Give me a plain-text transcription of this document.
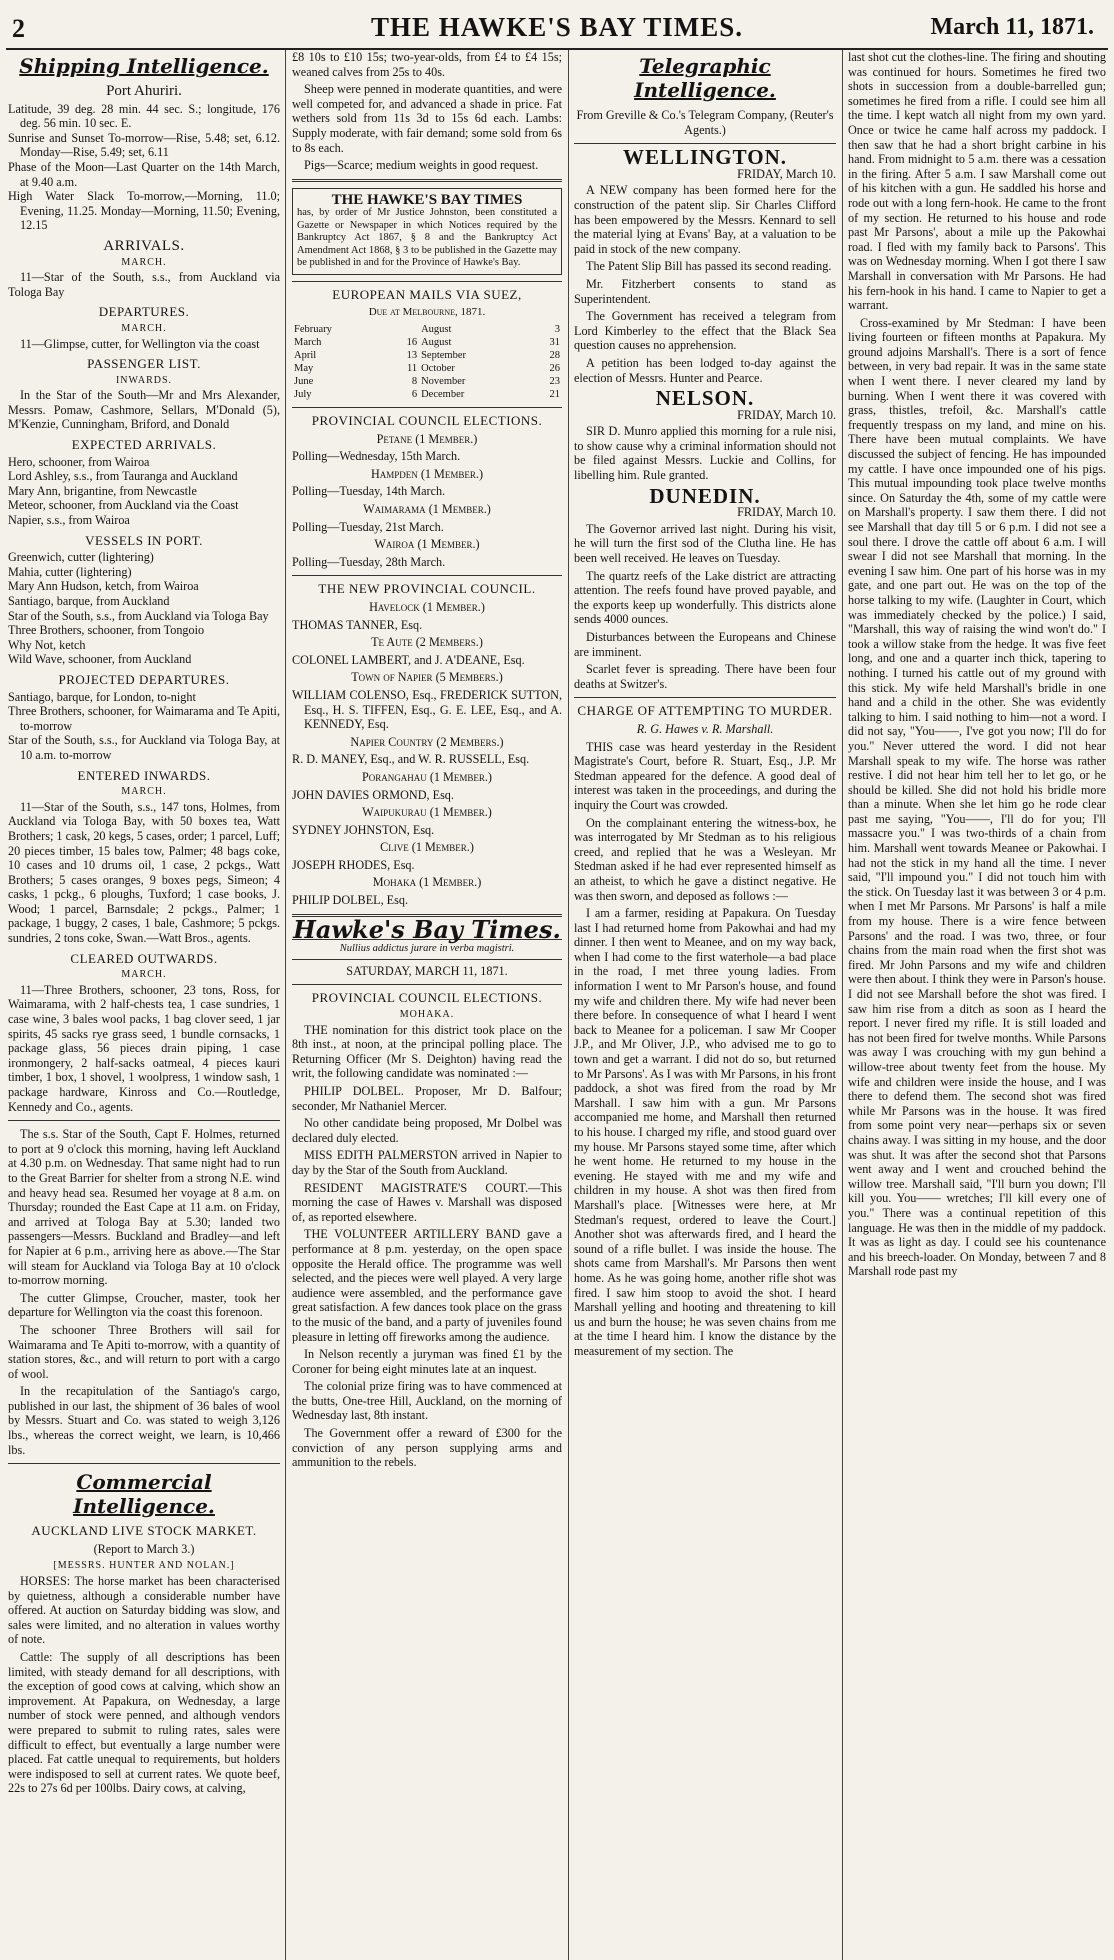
2	THE HAWKE'S BAY TIMES.	March 11, 1871.
Shipping Intelligence.
Port Ahuriri.

Latitude, 39 deg. 28 min. 44 sec. S.; longitude, 176 deg. 56 min. 10 sec. E.

Sunrise and Sunset To-morrow—Rise, 5.48; set, 6.12. Monday—Rise, 5.49; set, 6.11

Phase of the Moon—Last Quarter on the 14th March, at 9.40 a.m.

High Water Slack To-morrow,—Morning, 11.0; Evening, 11.25. Monday—Morning, 11.50; Evening, 12.15

ARRIVALS.
MARCH.

11—Star of the South, s.s., from Auckland via Tologa Bay

DEPARTURES.
MARCH.

11—Glimpse, cutter, for Wellington via the coast

PASSENGER LIST.
INWARDS.

In the Star of the South—Mr and Mrs Alexander, Messrs. Pomaw, Cashmore, Sellars, M'Donald (5), M'Kenzie, Cunningham, Briford, and Donald

EXPECTED ARRIVALS.

Hero, schooner, from Wairoa

Lord Ashley, s.s., from Tauranga and Auckland

Mary Ann, brigantine, from Newcastle

Meteor, schooner, from Auckland via the Coast

Napier, s.s., from Wairoa

VESSELS IN PORT.

Greenwich, cutter (lightering)

Mahia, cutter (lightering)

Mary Ann Hudson, ketch, from Wairoa

Santiago, barque, from Auckland

Star of the South, s.s., from Auckland via Tologa Bay

Three Brothers, schooner, from Tongoio

Why Not, ketch

Wild Wave, schooner, from Auckland

PROJECTED DEPARTURES.

Santiago, barque, for London, to-night

Three Brothers, schooner, for Waimarama and Te Apiti, to-morrow

Star of the South, s.s., for Auckland via Tologa Bay, at 10 a.m. to-morrow

ENTERED INWARDS.
MARCH.

11—Star of the South, s.s., 147 tons, Holmes, from Auckland via Tologa Bay, with 50 boxes tea, Watt Brothers; 1 cask, 20 kegs, 5 cases, order; 1 parcel, Luff; 20 pieces timber, 15 bales tow, Palmer; 48 bags coke, 10 cases and 10 drums oil, 1 case, 2 pckgs., Watt Brothers; 5 cases oranges, 9 boxes pegs, Simeon; 4 casks, 1 pckg., 6 ploughs, Tuxford; 1 case books, J. Wood; 1 parcel, Barnsdale; 2 pckgs., Palmer; 1 package, 1 buggy, 2 cases, 1 bale, Cashmore; 5 pckgs. sundries, 2 tons coke, Swan.—Watt Bros., agents.

CLEARED OUTWARDS.
MARCH.

11—Three Brothers, schooner, 23 tons, Ross, for Waimarama, with 2 half-chests tea, 1 case sundries, 1 case wine, 3 bales wool packs, 1 bag clover seed, 1 jar spirits, 45 sacks rye grass seed, 1 bundle cornsacks, 1 package glass, 56 pieces drain piping, 1 case ironmongery, 2 half-sacks oatmeal, 4 pieces kauri timber, 1 box, 1 shovel, 1 woolpress, 1 window sash, 1 package hardware, Kinross and Co.—Routledge, Kennedy and Co., agents.

The s.s. Star of the South, Capt F. Holmes, returned to port at 9 o'clock this morning, having left Auckland at 4.30 p.m. on Wednesday. That same night had to run to the Great Barrier for shelter from a strong N.E. wind and heavy head sea. Resumed her voyage at 8 a.m. on Thursday; rounded the East Cape at 11 a.m. on Friday, and arrived at Tologa Bay at 5.30; landed two passengers—Messrs. Buckland and Bradley—and left for Napier at 6 p.m., arriving here as above.—The Star will steam for Auckland via Tologa Bay at 10 o'clock to-morrow morning.

The cutter Glimpse, Croucher, master, took her departure for Wellington via the coast this forenoon.

The schooner Three Brothers will sail for Waimarama and Te Apiti to-morrow, with a quantity of station stores, &c., and will return to port with a cargo of wool.

In the recapitulation of the Santiago's cargo, published in our last, the shipment of 36 bales of wool by Messrs. Stuart and Co. was stated to weigh 3,126 lbs., whereas the correct weight, we learn, is 10,466 lbs.

Commercial Intelligence.
AUCKLAND LIVE STOCK MARKET.
(Report to March 3.)
[MESSRS. HUNTER AND NOLAN.]

HORSES: The horse market has been characterised by quietness, although a considerable number have offered. At auction on Saturday bidding was slow, and sales were limited, and no alteration in values worthy of note.

Cattle: The supply of all descriptions has been limited, with steady demand for all descriptions, with the exception of good cows at calving, which show an improvement. At Papakura, on Wednesday, a large number of stock were penned, and although vendors were prepared to submit to ruling rates, sales were difficult to effect, but eventually a large number were placed. Fat cattle unequal to requirements, but holders were indisposed to sell at current rates. We quote beef, 22s to 27s 6d per 100lbs. Dairy cows, at calving,

£8 10s to £10 15s; two-year-olds, from £4 to £4 15s; weaned calves from 25s to 40s.

Sheep were penned in moderate quantities, and were well competed for, and advanced a shade in price. Fat wethers sold from 11s 3d to 15s 6d each. Lambs: Supply moderate, with fair demand; some sold from 6s to 8s each.

Pigs—Scarce; medium weights in good request.

THE HAWKE'S BAY TIMES
has, by order of Mr Justice Johnston, been constituted a Gazette or Newspaper in which Notices required by the Bankruptcy Act 1867, § 8 and the Bankruptcy Act Amendment Act 1868, § 3 to be published in the Gazette may be published in and for the Province of Hawke's Bay.
EUROPEAN MAILS VIA SUEZ,
Due at Melbourne, 1871.
February		August	3
March	16	August	31
April	13	September	28
May	11	October	26
June	8	November	23
July	6	December	21
PROVINCIAL COUNCIL ELECTIONS.
Petane (1 Member.)

Polling—Wednesday, 15th March.

Hampden (1 Member.)

Polling—Tuesday, 14th March.

Waimarama (1 Member.)

Polling—Tuesday, 21st March.

Wairoa (1 Member.)

Polling—Tuesday, 28th March.

THE NEW PROVINCIAL COUNCIL.
Havelock (1 Member.)

THOMAS TANNER, Esq.

Te Aute (2 Members.)

COLONEL LAMBERT, and J. A'DEANE, Esq.

Town of Napier (5 Members.)

WILLIAM COLENSO, Esq., FREDERICK SUTTON, Esq., H. S. TIFFEN, Esq., G. E. LEE, Esq., and A. KENNEDY, Esq.

Napier Country (2 Members.)

R. D. MANEY, Esq., and W. R. RUSSELL, Esq.

Porangahau (1 Member.)

JOHN DAVIES ORMOND, Esq.

Waipukurau (1 Member.)

SYDNEY JOHNSTON, Esq.

Clive (1 Member.)

JOSEPH RHODES, Esq.

Mohaka (1 Member.)

PHILIP DOLBEL, Esq.

Hawke's Bay Times.
Nullius addictus jurare in verba magistri.
SATURDAY, MARCH 11, 1871.
PROVINCIAL COUNCIL ELECTIONS.
MOHAKA.

THE nomination for this district took place on the 8th inst., at noon, at the principal polling place. The Returning Officer (Mr S. Deighton) having read the writ, the following candidate was nominated :—

PHILIP DOLBEL. Proposer, Mr D. Balfour; seconder, Mr Nathaniel Mercer.

No other candidate being proposed, Mr Dolbel was declared duly elected.

MISS EDITH PALMERSTON arrived in Napier to day by the Star of the South from Auckland.

RESIDENT MAGISTRATE'S COURT.—This morning the case of Hawes v. Marshall was disposed of, as reported elsewhere.

THE VOLUNTEER ARTILLERY BAND gave a performance at 8 p.m. yesterday, on the open space opposite the Herald office. The programme was well selected, and the pieces were well played. A very large audience were assembled, and the performance gave great satisfaction. A few dances took place on the grass to the music of the band, and a party of juveniles found pleasure in letting off fireworks among the audience.

In Nelson recently a juryman was fined £1 by the Coroner for being eight minutes late at an inquest.

The colonial prize firing was to have commenced at the butts, One-tree Hill, Auckland, on the morning of Wednesday last, 8th instant.

The Government offer a reward of £300 for the conviction of any person supplying arms and ammunition to the rebels.

Telegraphic Intelligence.
From Greville & Co.'s Telegram Company, (Reuter's Agents.)
WELLINGTON.
FRIDAY, March 10.

A NEW company has been formed here for the construction of the patent slip. Sir Charles Clifford has been empowered by the Messrs. Kennard to sell the material lying at Evans' Bay, at a valuation to be paid in stock of the new company.

The Patent Slip Bill has passed its second reading.

Mr. Fitzherbert consents to stand as Superintendent.

The Government has received a telegram from Lord Kimberley to the effect that the Black Sea question causes no apprehension.

A petition has been lodged to-day against the election of Messrs. Hunter and Pearce.

NELSON.
FRIDAY, March 10.

SIR D. Munro applied this morning for a rule nisi, to show cause why a criminal information should not be filed against Messrs. Luckie and Collins, for libelling him. Rule granted.

DUNEDIN.
FRIDAY, March 10.

The Governor arrived last night. During his visit, he will turn the first sod of the Clutha line. He has been well received. He leaves on Tuesday.

The quartz reefs of the Lake district are attracting attention. The reefs found have proved payable, and the exports keep up wonderfully. This districts alone sends 4000 ounces.

Disturbances between the Europeans and Chinese are imminent.

Scarlet fever is spreading. There have been four deaths at Switzer's.

CHARGE OF ATTEMPTING TO MURDER.
R. G. Hawes v. R. Marshall.

THIS case was heard yesterday in the Resident Magistrate's Court, before R. Stuart, Esq., J.P. Mr Stedman appeared for the defence. A good deal of interest was taken in the proceedings, and during the inquiry the Court was crowded.

On the complainant entering the witness-box, he was interrogated by Mr Stedman as to his religious creed, and replied that he was a Wesleyan. Mr Stedman asked if he had ever represented himself as an atheist, to which he gave a distinct negative. He was then sworn, and deposed as follows :—

I am a farmer, residing at Papakura. On Tuesday last I had returned home from Pakowhai and had my dinner. I then went to Meanee, and on my way back, when I had come to the first waterhole—a bad place in the road, I met three young ladies. From information I went to Mr Parson's house, and found my wife and children there. My wife had never been there before. In consequence of what I heard I went back to Meanee for a policeman. I saw Mr Cooper J.P., and Mr Oliver, J.P., who advised me to go to town and get a warrant. I did not do so, but returned to Mr Parsons'. As I was with Mr Parsons, in his front paddock, a shot was fired from the road by Mr Marshall. I saw him with a gun. Mr Parsons accompanied me home, and Marshall then returned to his house. I charged my rifle, and stood guard over my house. Mr Parsons stayed some time, after which he went home. He returned to my house in the evening. He stayed with me and my wife and children in my house. A shot was then fired from Marshall's place. [Witnesses were here, at Mr Stedman's request, ordered to leave the Court.] Another shot was afterwards fired, and I heard the sound of a rifle bullet. I was inside the house. The shots came from Marshall's. Mr Parsons then went home. As he was going home, another rifle shot was fired. I saw him stoop to avoid the shot. I heard Marshall yelling and hooting and threatening to kill us and burn the house; he was seven chains from me at the time I heard him. I know the distance by the measurement of my section. The

last shot cut the clothes-line. The firing and shouting was continued for hours. Sometimes he fired two shots in succession from a double-barrelled gun; sometimes he fired from a rifle. I could see him all the time. I kept watch all night from my own yard. Once or twice he came half across my paddock. I then saw that he had a short bright carbine in his hand. From midnight to 5 a.m. there was a cessation in the firing. After 5 a.m. I saw Marshall come out of his kitchen with a gun. He saddled his horse and rode out with a long fern-hook. He came to the front of my section. He returned to his house and rode past Mr Parsons', about a mile up the Pakowhai road. I fled with my family back to Parsons'. This was on Wednesday morning. When I got there I saw Marshall in conversation with Mr Parsons. He had his fern-hook in his hand. I came to Napier to get a warrant.

Cross-examined by Mr Stedman: I have been living fourteen or fifteen months at Papakura. My ground adjoins Marshall's. There is a sort of fence between, in very bad repair. It was in the same state when I went there. I never cleared my land by burning. When I went there it was covered with grass, thistles, trefoil, &c. Marshall's cattle frequently trespass on my land, and mine on his. There have been mutual complaints. We have discussed the subject of fencing. He has impounded my cattle. I have once impounded one of his pigs. This mutual impounding took place twelve months since. On Saturday the 4th, some of my cattle were on Marshall's property. I saw them there. I did not see Marshall that day till 5 or 6 p.m. I did not see a soul there. I drove the cattle off about 6 a.m. I will swear I did not see Marshall that morning. In the evening I saw him. One part of his horse was in my gate, and one part out. He was on the top of the horse talking to my wife. (Laughter in Court, which was immediately checked by the police.) I said, "Marshall, this way of raising the wind won't do." I took a willow stake from the hedge. It was five feet long, and one and a quarter inch thick, tapering to nothing. I turned his cattle out of my ground with this stick. My wife held Marshall's bridle in one hand and a child in the other. She was evidently talking to him. I said nothing to him—not a word. I did not say, "You——, I've got you now; I'll do for you." Never uttered the word. I did not hear Marshall speak to my wife. The horse was rather restive. I did not hear him tell her to let go, or he should be killed. She did not hold his bridle more than a minute. When she let him go he rode clear past me saying, "You——, I'll do for you; I'll massacre you." I was two-thirds of a chain from him. Marshall went towards Meanee or Pakowhai. I had not the stick in my hand all the time. I never said, "I'll impound you." I did not touch him with the stick. On Tuesday last it was between 3 or 4 p.m. when I met Mr Parsons. Mr Parsons' is half a mile from my house. There is a wire fence between Parsons' and the road. I was two, three, or four chains from the main road when the first shot was fired. Mr John Parsons and my wife and children were then about. I think they were in Parson's house. I did not see Marshall before the shot was fired. I saw him rise from a ditch as soon as I heard the report. I never fired my rifle. It is still loaded and has not been fired for twelve months. While Parsons was away I was crouching with my gun behind a willow-tree about twenty feet from the house. My wife and children were inside the house, and I was there to defend them. The second shot was fired while Mr Parsons was in the house. It was fired from some point very near—perhaps six or seven chains away. I was sitting in my house, and the door was shut. It was after the second shot that Parsons went away and I went and crouched behind the willow tree. Marshall said, "I'll burn you down; I'll kill you. You—— wretches; I'll kill every one of you." There was a continual repetition of this language. He was then in the middle of my paddock. It was as light as day. I could see his countenance and his breech-loader. On Monday, between 7 and 8 Marshall rode past my
